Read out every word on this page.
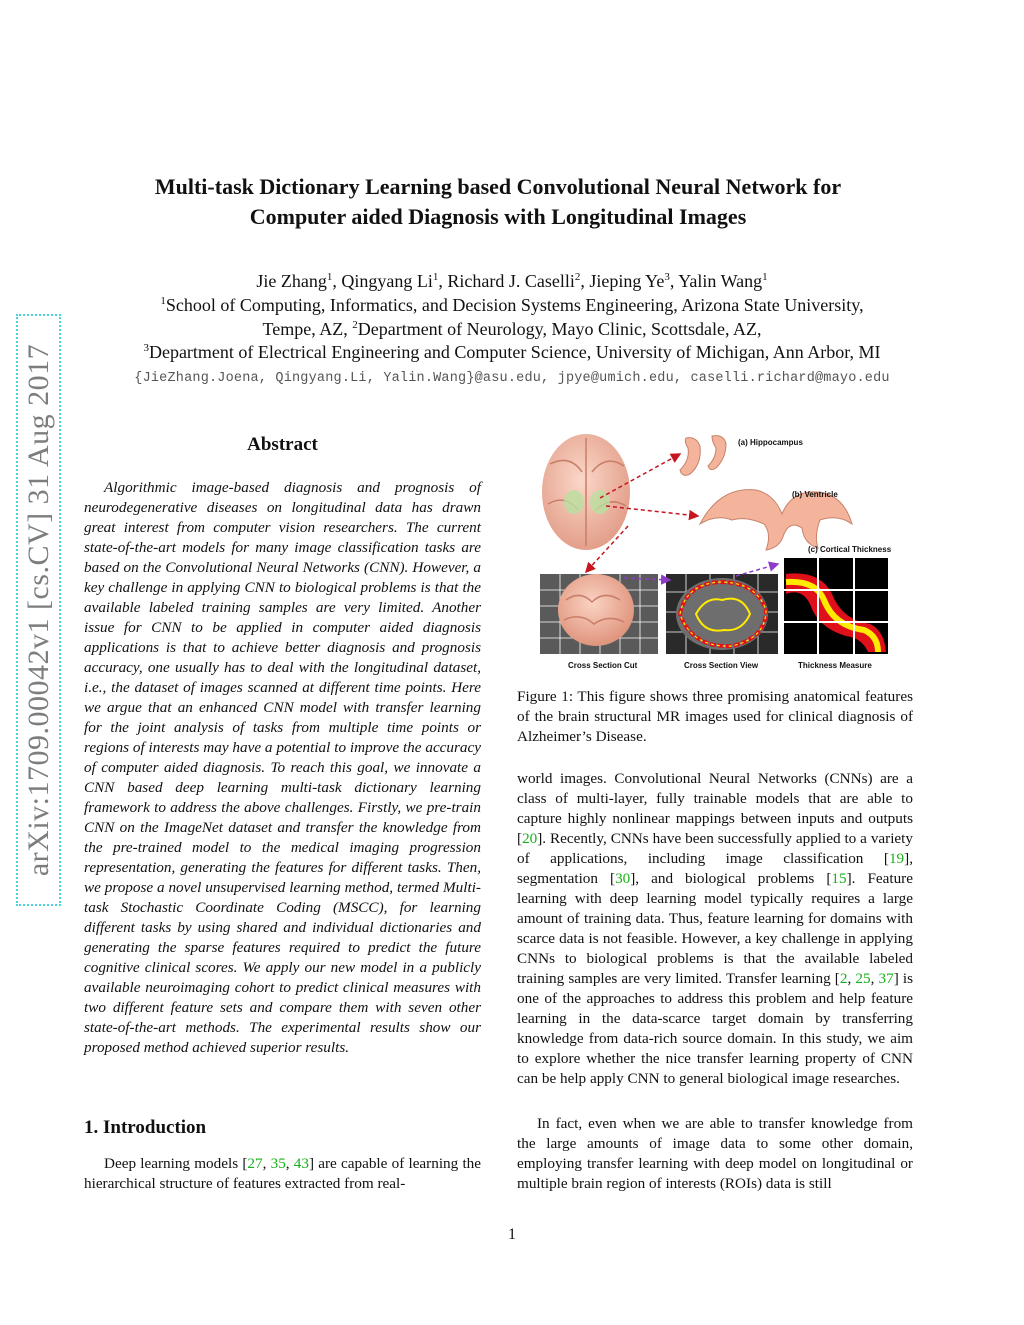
arXiv:1709.00042v1 [cs.CV] 31 Aug 2017
Multi-task Dictionary Learning based Convolutional Neural Network for
Computer aided Diagnosis with Longitudinal Images
Jie Zhang$^1$, Qingyang Li$^1$, Richard J. Caselli$^2$, Jieping Ye$^3$, Yalin Wang$^1$
$^1$School of Computing, Informatics, and Decision Systems Engineering, Arizona State University,
Tempe, AZ, $^2$Department of Neurology, Mayo Clinic, Scottsdale, AZ,
$^3$Department of Electrical Engineering and Computer Science, University of Michigan, Ann Arbor, MI
{JieZhang.Joena, Qingyang.Li, Yalin.Wang}@asu.edu, jpye@umich.edu, caselli.richard@mayo.edu
Abstract
Algorithmic image-based diagnosis and prognosis of neurodegenerative diseases on longitudinal data has drawn great interest from computer vision researchers. The current state-of-the-art models for many image classification tasks are based on the Convolutional Neural Networks (CNN). However, a key challenge in applying CNN to biological problems is that the available labeled training samples are very limited. Another issue for CNN to be applied in computer aided diagnosis applications is that to achieve better diagnosis and prognosis accuracy, one usually has to deal with the longitudinal dataset, i.e., the dataset of images scanned at different time points. Here we argue that an enhanced CNN model with transfer learning for the joint analysis of tasks from multiple time points or regions of interests may have a potential to improve the accuracy of computer aided diagnosis. To reach this goal, we innovate a CNN based deep learning multi-task dictionary learning framework to address the above challenges. Firstly, we pre-train CNN on the ImageNet dataset and transfer the knowledge from the pre-trained model to the medical imaging progression representation, generating the features for different tasks. Then, we propose a novel unsupervised learning method, termed Multi-task Stochastic Coordinate Coding (MSCC), for learning different tasks by using shared and individual dictionaries and generating the sparse features required to predict the future cognitive clinical scores. We apply our new model in a publicly available neuroimaging cohort to predict clinical measures with two different feature sets and compare them with seven other state-of-the-art methods. The experimental results show our proposed method achieved superior results.
1. Introduction
Deep learning models [27, 35, 43] are capable of learning the hierarchical structure of features extracted from real-
(a) Hippocampus
(b) Ventricle
(c) Cortical Thickness
Cross Section Cut	Cross Section View	Thickness Measure
Figure 1: This figure shows three promising anatomical features of the brain structural MR images used for clinical diagnosis of Alzheimer’s Disease.
world images. Convolutional Neural Networks (CNNs) are a class of multi-layer, fully trainable models that are able to capture highly nonlinear mappings between inputs and outputs [20]. Recently, CNNs have been successfully applied to a variety of applications, including image classification [19], segmentation [30], and biological problems [15]. Feature learning with deep learning model typically requires a large amount of training data. Thus, feature learning for domains with scarce data is not feasible. However, a key challenge in applying CNNs to biological problems is that the available labeled training samples are very limited. Transfer learning [2, 25, 37] is one of the approaches to address this problem and help feature learning in the data-scarce target domain by transferring knowledge from data-rich source domain. In this study, we aim to explore whether the nice transfer learning property of CNN can be help apply CNN to general biological image researches.
In fact, even when we are able to transfer knowledge from the large amounts of image data to some other domain, employing transfer learning with deep model on longitudinal or multiple brain region of interests (ROIs) data is still
1
